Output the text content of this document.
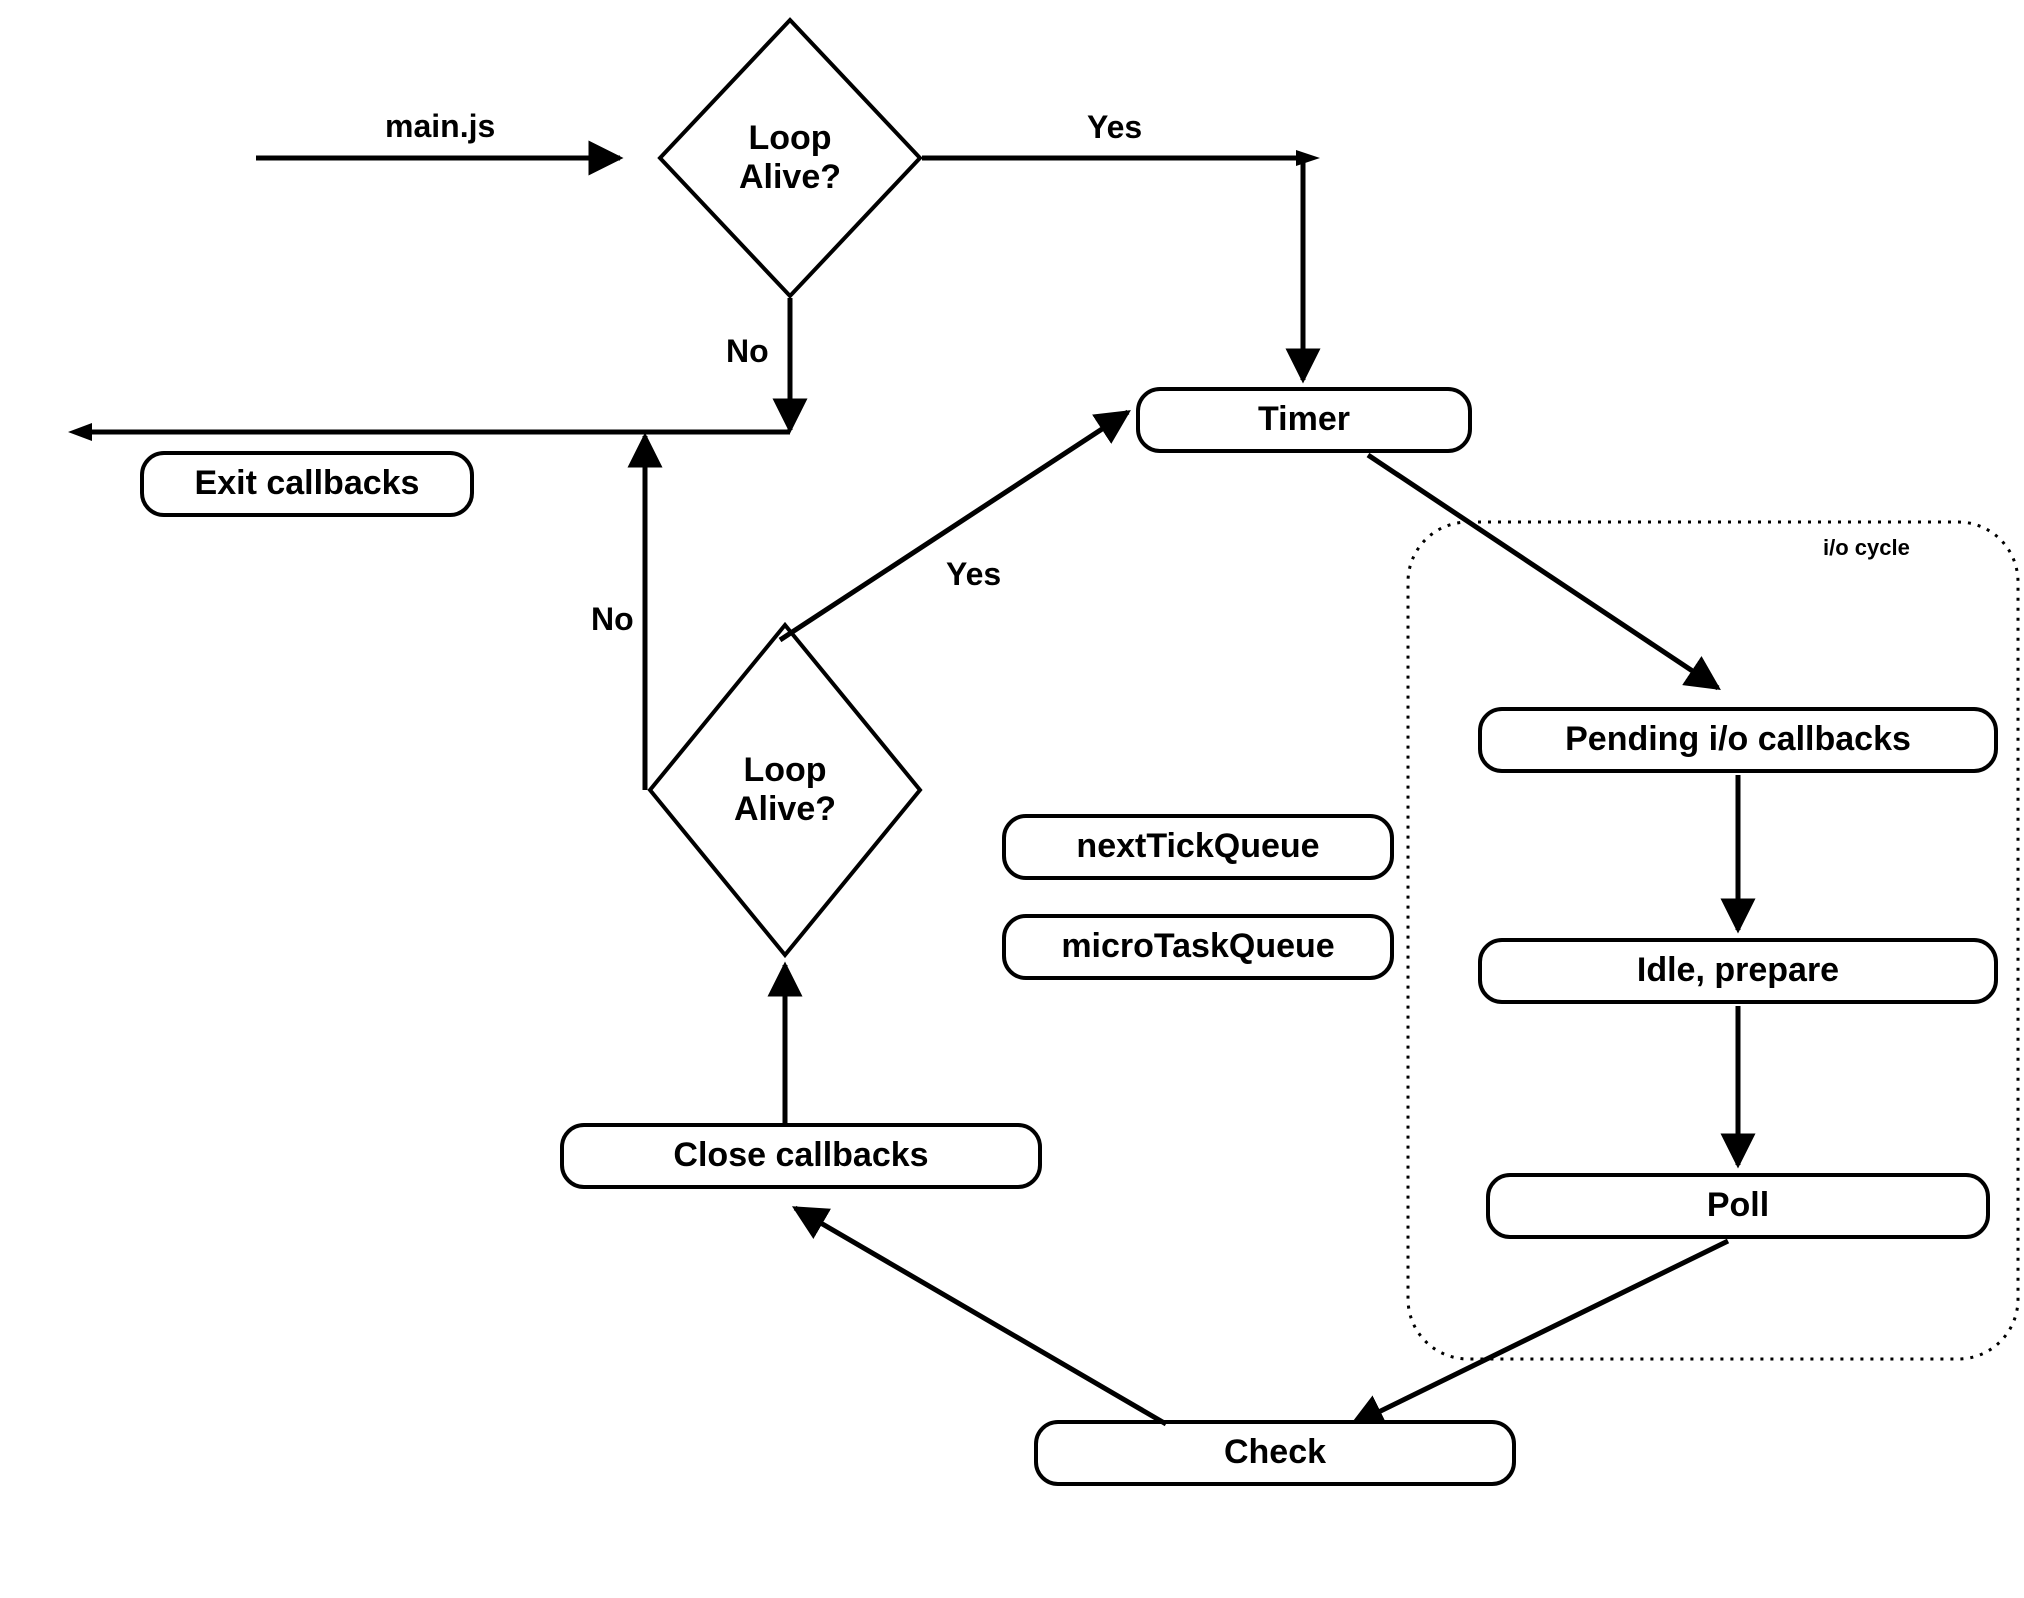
Loop
Alive?
Exit callbacks
Timer
Loop
Alive?
nextTickQueue
microTaskQueue
Pending i/o callbacks
Idle, prepare
Poll
Check
Close callbacks
main.js	Yes
No
Yes
No
i/o cycle
